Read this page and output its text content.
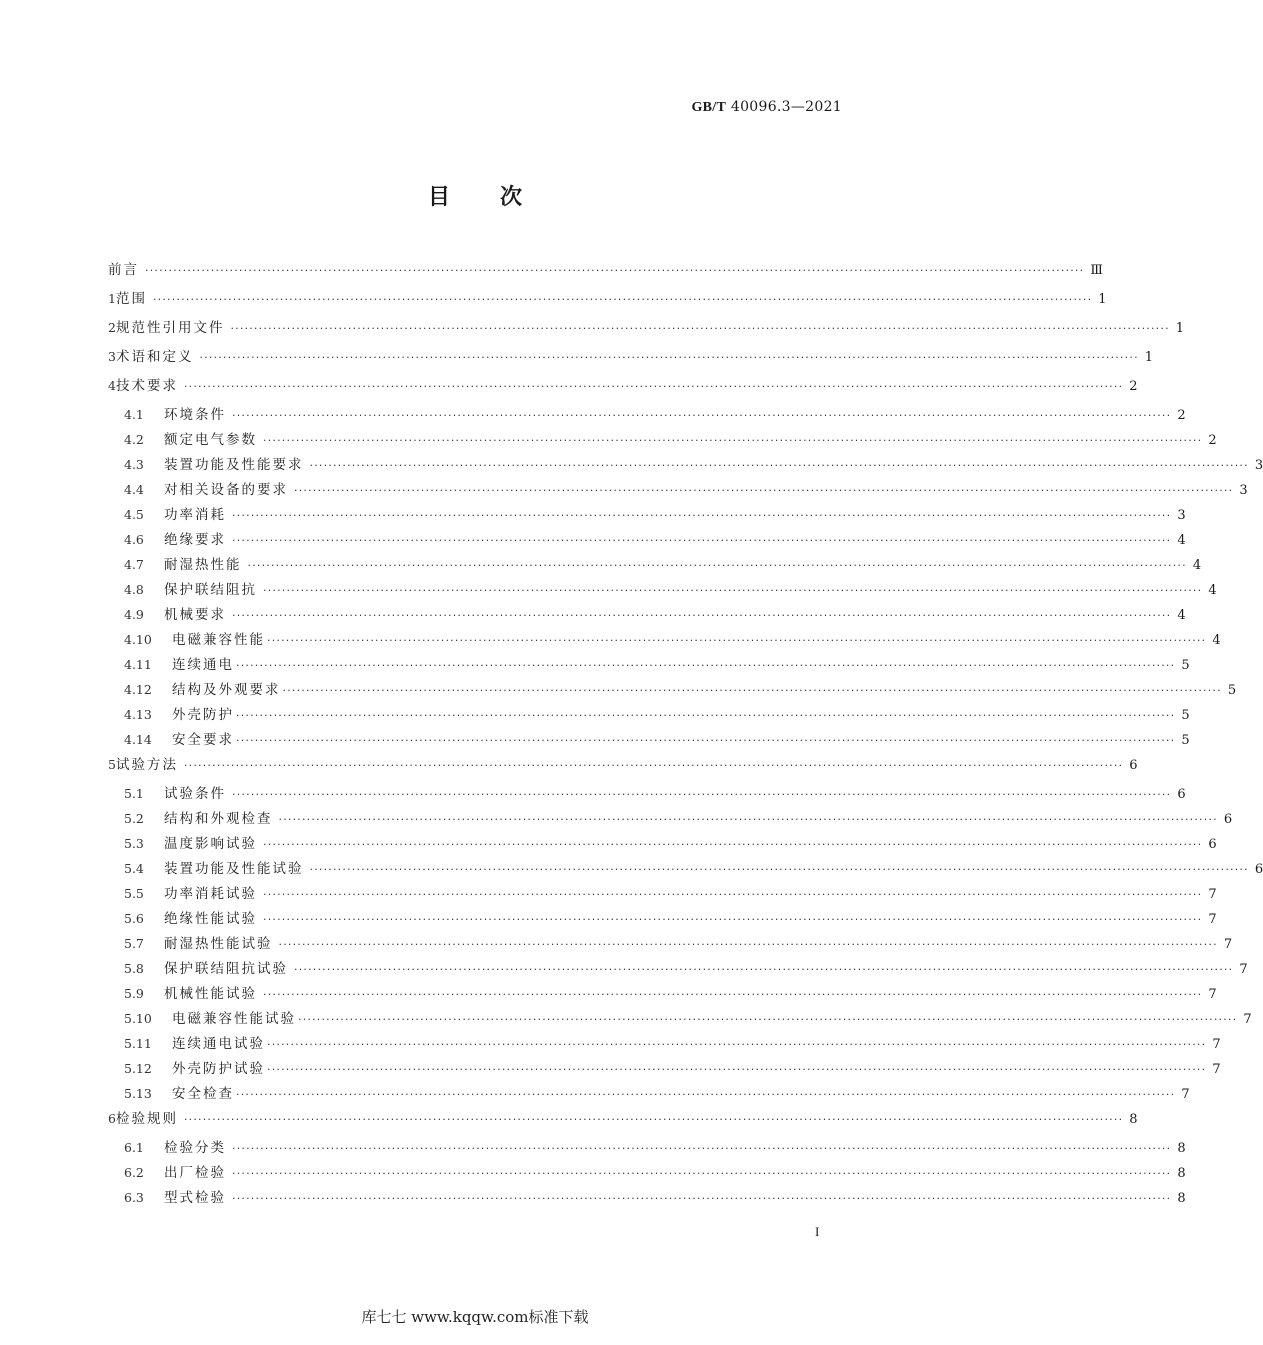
GB/T 40096.3—2021
目次
前言 ········································································································································································································ Ⅲ
1 范围 ········································································································································································································ 1
2 规范性引用文件 ········································································································································································································ 1
3 术语和定义 ········································································································································································································ 1
4 技术要求 ········································································································································································································ 2
4.1	环境条件 ········································································································································································································ 2
4.2	额定电气参数 ········································································································································································································ 2
4.3	装置功能及性能要求 ········································································································································································································ 3
4.4	对相关设备的要求 ········································································································································································································ 3
4.5	功率消耗 ········································································································································································································ 3
4.6	绝缘要求 ········································································································································································································ 4
4.7	耐湿热性能 ········································································································································································································ 4
4.8	保护联结阻抗 ········································································································································································································ 4
4.9	机械要求 ········································································································································································································ 4
4.10	电磁兼容性能 ········································································································································································································ 4
4.11	连续通电 ········································································································································································································ 5
4.12	结构及外观要求 ········································································································································································································ 5
4.13	外壳防护 ········································································································································································································ 5
4.14	安全要求 ········································································································································································································ 5
5 试验方法 ········································································································································································································ 6
5.1	试验条件 ········································································································································································································ 6
5.2	结构和外观检查 ········································································································································································································ 6
5.3	温度影响试验 ········································································································································································································ 6
5.4	装置功能及性能试验 ········································································································································································································ 6
5.5	功率消耗试验 ········································································································································································································ 7
5.6	绝缘性能试验 ········································································································································································································ 7
5.7	耐湿热性能试验 ········································································································································································································ 7
5.8	保护联结阻抗试验 ········································································································································································································ 7
5.9	机械性能试验 ········································································································································································································ 7
5.10	电磁兼容性能试验 ········································································································································································································ 7
5.11	连续通电试验 ········································································································································································································ 7
5.12	外壳防护试验 ········································································································································································································ 7
5.13	安全检查 ········································································································································································································ 7
6 检验规则 ········································································································································································································ 8
6.1	检验分类 ········································································································································································································ 8
6.2	出厂检验 ········································································································································································································ 8
6.3	型式检验 ········································································································································································································ 8
I
库七七 www.kqqw.com标准下载
